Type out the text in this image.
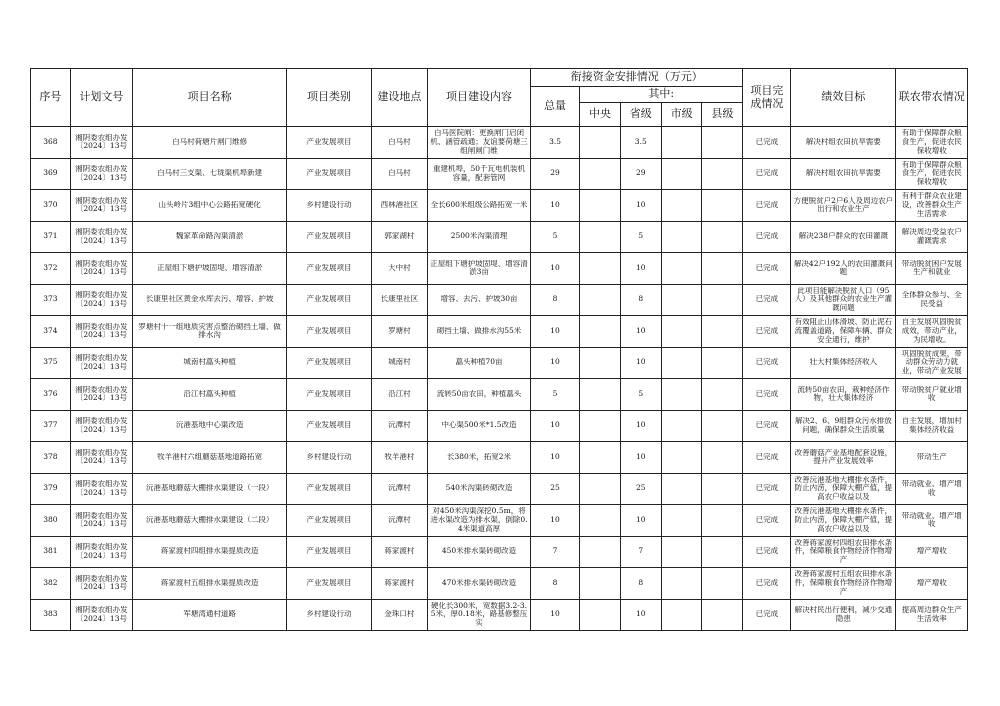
序号	计划文号	项目名称	项目类别	建设地点	项目建设内容	衔接资金安排情况（万元）					项目完成情况	绩效目标	联农带农情况
						总量	其中:						
							中央	省级	市级	县级			

368	湘阴委农组办发〔2024〕13号	白马村荷塘片闸门维修	产业发展项目	白马村	白马医院闸：更换闸门启闭机、涵管疏通；友谊要荷塘三组闸闸门维	3.5		3.5			已完成	解决村组农田抗旱需要	有助于保障群众粮食生产，促进农民保收增收

369	湘阴委农组办发〔2024〕13号	白马村三支渠、七珑渠机埠新建	产业发展项目	白马村	重建机埠，50千瓦电机装机容量，配套管网	29		29			已完成	解决村组农田抗旱需要	有助于保障群众粮食生产，促进农民保收增收

370	湘阴委农组办发〔2024〕13号	山头岭片3组中心公路拓宽硬化	乡村建设行动	西林港社区	全长600米组级公路拓宽一米	10		10			已完成	方便脱贫户2户6人及周边农户出行和农业生产	有利于群众农业建设，改善群众生产生活需求

371	湘阴委农组办发〔2024〕13号	魏家革命路沟渠清淤	产业发展项目	郭家湖村	2500米沟渠清理	5		5			已完成	解决238户群众的农田灌溉	解决周边受益农户灌溉需求

372	湘阴委农组办发〔2024〕13号	正屋组下塘护坡固堤、增容清淤	产业发展项目	大中村	正屋组下塘护坡固堤、增容清淤3亩	10		10			已完成	解决42户192人的农田灌溉问题	带动脱贫困户发展生产和就业

373	湘阴委农组办发〔2024〕13号	长康里社区黄金水库去污、增容、护坡	产业发展项目	长康里社区	增容、去污、护坡30亩	8		8			已完成	此项目能解决脱贫人口（95人）及其他群众的农业生产灌溉问题	全体群众参与、全民受益

374	湘阴委农组办发〔2024〕13号	罗塘村十一组地质灾害点整治砌挡土墙、做排水沟	产业发展项目	罗塘村	砌挡土墙、做排水沟55米	10		10			已完成	有效阻止山体滑坡、防止泥石流覆盖道路，保障车辆、群众安全通行，维护	自主发展巩固脱贫成效，带动产业，为民增收。

375	湘阴委农组办发〔2024〕13号	城南村藠头种植	产业发展项目	城南村	藠头种植70亩	10		10			已完成	壮大村集体经济收入	巩固脱贫成果，带动群众劳动力就业，带动产业发展

376	湘阴委农组办发〔2024〕13号	沿江村藠头种植	产业发展项目	沿江村	流转50亩农田，种植藠头	5		5			已完成	流转50亩农田，栽种经济作物，壮大集体经济	带动脱贫户就业增收

377	湘阴委农组办发〔2024〕13号	沅港基地中心渠改造	产业发展项目	沅潭村	中心渠500米*1.5改造	10		10			已完成	解决2、6、9组群众污水排放问题，确保群众生活质量	自主发展，增加村集体经济收益

378	湘阴委农组办发〔2024〕13号	牧羊港村六组蘑菇基地道路拓宽	乡村建设行动	牧羊港村	长380米，拓宽2米	10		10			已完成	改善蘑菇产业基地配套设施，提升产业发展效率	带动生产

379	湘阴委农组办发〔2024〕13号	沅港基地蘑菇大棚排水渠建设（一段）	产业发展项目	沅潭村	540米沟渠砖砌改造	25		25			已完成	改善沅港基地大棚排水条件，防止内涝，保障大棚产值，提高农户收益以及	带动就业、增产增收

380	湘阴委农组办发〔2024〕13号	沅港基地蘑菇大棚排水渠建设（二段）	产业发展项目	沅潭村	对450米沟渠深挖0.5m，将进水渠改造为排水渠，倒除0.4米渠道高厚	10		10			已完成	改善沅港基地大棚排水条件，防止内涝，保障大棚产值，提高农户收益以及	带动就业、增产增收

381	湘阴委农组办发〔2024〕13号	蒋家渡村四组排水渠提质改造	产业发展项目	蒋家渡村	450米排水渠砖砌改造	7		7			已完成	改善蒋家渡村四组农田排水条件，保障粮食作物经济作物增产	增产增收

382	湘阴委农组办发〔2024〕13号	蒋家渡村五组排水渠提质改造	产业发展项目	蒋家渡村	470米排水渠砖砌改造	8		8			已完成	改善蒋家渡村五组农田排水条件，保障粮食作物经济作物增产	增产增收

383	湘阴委农组办发〔2024〕13号	军塘湾通村道路	乡村建设行动	金珠口村	硬化长300米，宽数据3.2-3.5米，厚0.18米，路基修整压实	10		10			已完成	解决村民出行便利，减少交通隐患	提高周边群众生产生活效率
